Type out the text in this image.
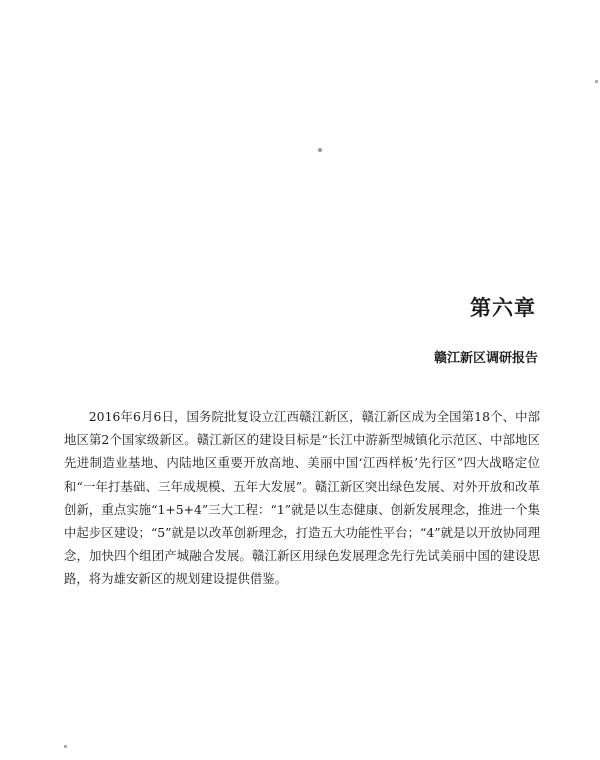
第六章
赣江新区调研报告

2016年6月6日，国务院批复设立江西赣江新区，赣江新区成为全国第18个、中部地区第2个国家级新区。赣江新区的建设目标是“长江中游新型城镇化示范区、中部地区先进制造业基地、内陆地区重要开放高地、美丽中国‘江西样板’先行区”四大战略定位和“一年打基础、三年成规模、五年大发展”。赣江新区突出绿色发展、对外开放和改革创新，重点实施“1+5+4”三大工程：“1”就是以生态健康、创新发展理念，推进一个集中起步区建设；“5”就是以改革创新理念，打造五大功能性平台；“4”就是以开放协同理念，加快四个组团产城融合发展。赣江新区用绿色发展理念先行先试美丽中国的建设思路，将为雄安新区的规划建设提供借鉴。
